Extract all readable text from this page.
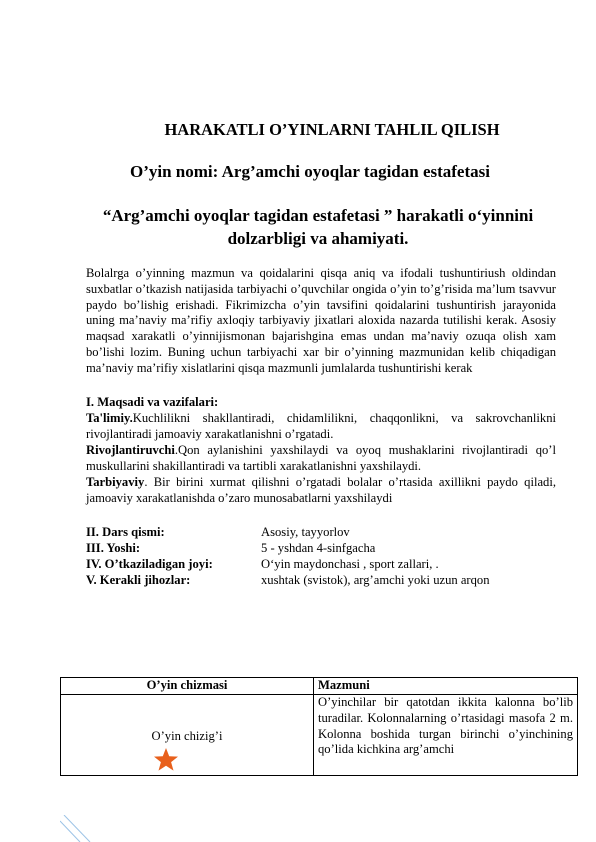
HARAKATLI O’YINLARNI TAHLIL QILISH
O’yin nomi: Arg’amchi oyoqlar tagidan estafetasi
“Arg’amchi oyoqlar tagidan estafetasi ” harakatli o‘yinnini dolzarbligi va ahamiyati.

Bolalrga o’yinning mazmun va qoidalarini qisqa aniq va ifodali tushuntiriush oldindan suxbatlar o’tkazish natijasida tarbiyachi o’quvchilar ongida o’yin to’g’risida ma’lum tsavvur paydo bo’lishig erishadi. Fikrimizcha o’yin tavsifini qoidalarini tushuntirish jarayonida uning ma’naviy ma’rifiy axloqiy tarbiyaviy jixatlari aloxida nazarda tutilishi kerak. Asosiy maqsad xarakatli o’yinnijismonan bajarishgina emas undan ma’naviy ozuqa olish xam bo’lishi lozim. Buning uchun tarbiyachi xar bir o’yinning mazmunidan kelib chiqadigan ma’naviy ma’rifiy xislatlarini qisqa mazmunli jumlalarda tushuntirishi kerak

I. Maqsadi va vazifalari:

Ta'limiy.Kuchlilikni shakllantiradi, chidamlilikni, chaqqonlikni, va sakrovchanlikni rivojlantiradi jamoaviy xarakatlanishni o’rgatadi.

Rivojlantiruvchi.Qon aylanishini yaxshilaydi va oyoq mushaklarini rivojlantiradi qo’l muskullarini shakillantiradi va tartibli xarakatlanishni yaxshilaydi.

Tarbiyaviy. Bir birini xurmat qilishni o’rgatadi bolalar o’rtasida axillikni paydo qiladi, jamoaviy xarakatlanishda o’zaro munosabatlarni yaxshilaydi

II. Dars qismi:	Asosiy, tayyorlov
III. Yoshi:	5 - yshdan 4-sinfgacha
IV. O’tkaziladigan joyi:	O‘yin maydonchasi , sport zallari, .
V. Kerakli jihozlar:	xushtak (svistok), arg’amchi yoki uzun arqon
O’yin chizmasi	Mazmuni

O’yin chizig’i	O’yinchilar bir qatotdan ikkita kalonna bo’lib turadilar. Kolonnalarning o’rtasidagi masofa 2 m. Kolonna boshida turgan birinchi o’yinchining qo’lida kichkina arg’amchi
